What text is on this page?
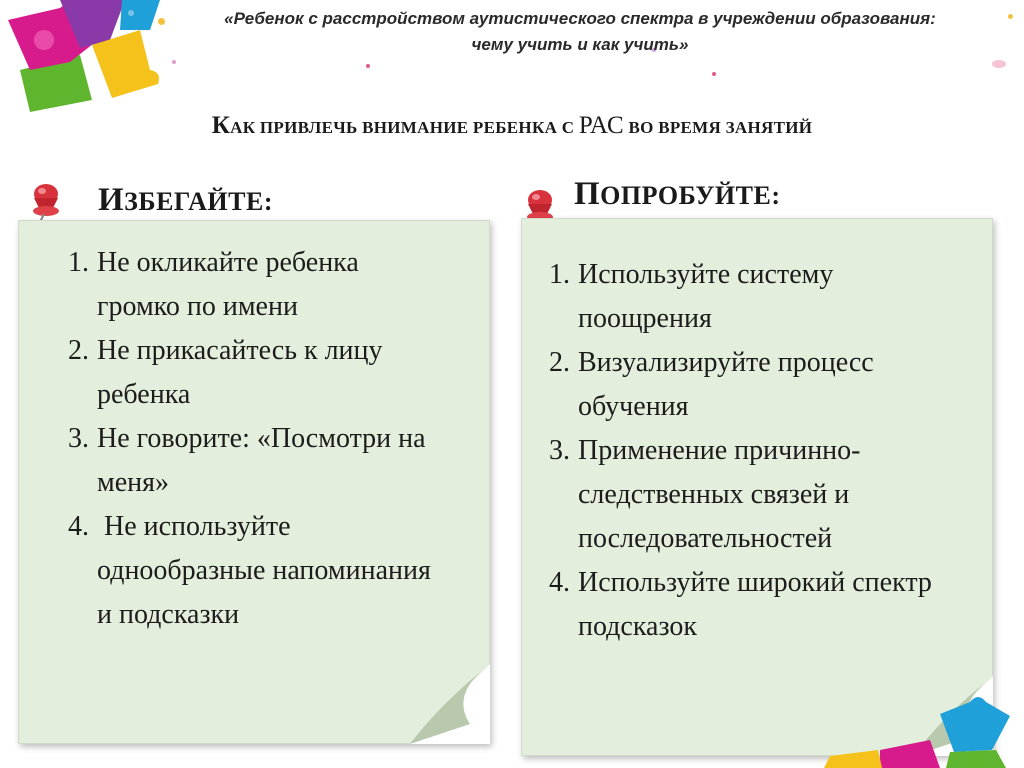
«Ребенок с расстройством аутистического спектра в учреждении образования:
чему учить и как учить»
КАК ПРИВЛЕЧЬ ВНИМАНИЕ РЕБЕНКА С РАС ВО ВРЕМЯ ЗАНЯТИЙ
ИЗБЕГАЙТЕ:
1. Не окликайте ребенка громко по имени
2. Не прикасайтесь к лицу ребенка
3. Не говорите: «Посмотри на меня»
4. Не используйте однообразные напоминания и подсказки
ПОПРОБУЙТЕ:
1. Используйте систему поощрения
2. Визуализируйте процесс обучения
3. Применение причинно-следственных связей и последовательностей
4. Используйте широкий спектр подсказок
